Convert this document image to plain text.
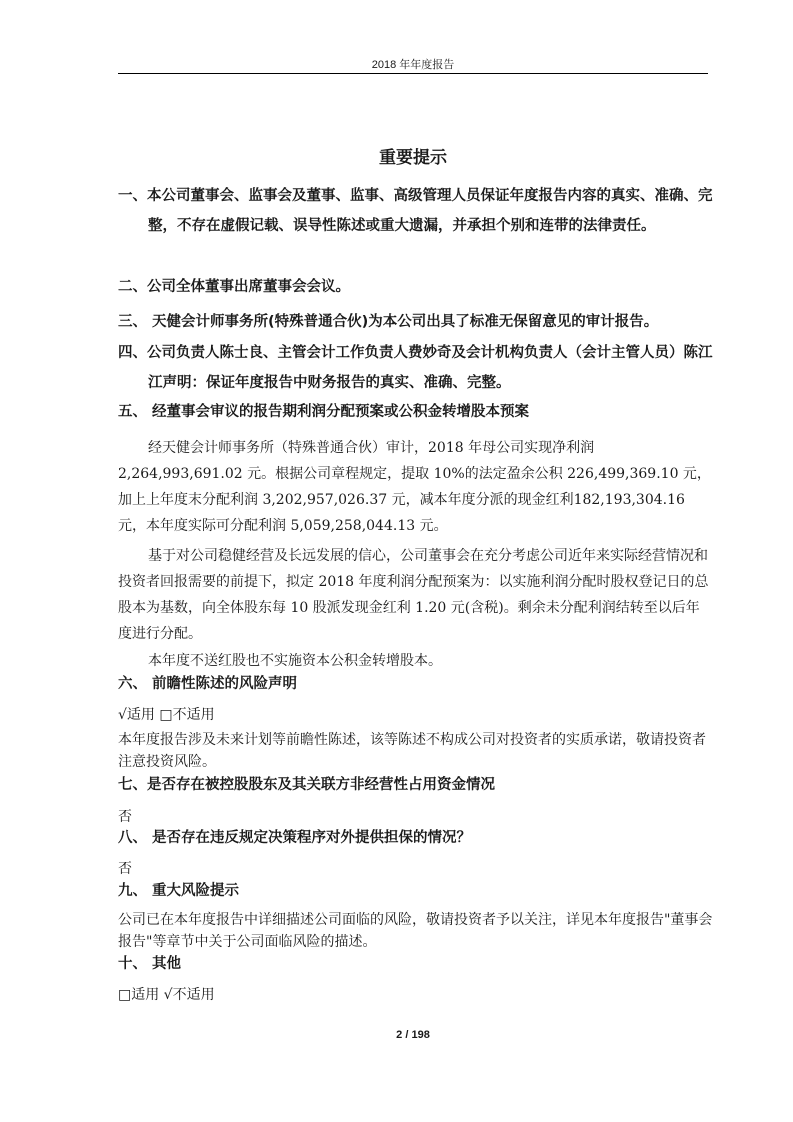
2018 年年度报告
重要提示
一、本公司董事会、监事会及董事、监事、高级管理人员保证年度报告内容的真实、准确、完整，不存在虚假记载、误导性陈述或重大遗漏，并承担个别和连带的法律责任。
二、公司全体董事出席董事会会议。
三、 天健会计师事务所(特殊普通合伙)为本公司出具了标准无保留意见的审计报告。
四、公司负责人陈士良、主管会计工作负责人费妙奇及会计机构负责人（会计主管人员）陈江江声明：保证年度报告中财务报告的真实、准确、完整。
五、 经董事会审议的报告期利润分配预案或公积金转增股本预案
经天健会计师事务所（特殊普通合伙）审计，2018 年母公司实现净利润2,264,993,691.02 元。根据公司章程规定，提取 10%的法定盈余公积 226,499,369.10 元，加上上年度末分配利润 3,202,957,026.37 元，减本年度分派的现金红利182,193,304.16 元，本年度实际可分配利润 5,059,258,044.13 元。
基于对公司稳健经营及长远发展的信心，公司董事会在充分考虑公司近年来实际经营情况和投资者回报需要的前提下，拟定 2018 年度利润分配预案为：以实施利润分配时股权登记日的总股本为基数，向全体股东每 10 股派发现金红利 1.20 元(含税)。剩余未分配利润结转至以后年度进行分配。
本年度不送红股也不实施资本公积金转增股本。
六、 前瞻性陈述的风险声明
√适用 □不适用
本年度报告涉及未来计划等前瞻性陈述，该等陈述不构成公司对投资者的实质承诺，敬请投资者注意投资风险。
七、是否存在被控股股东及其关联方非经营性占用资金情况
否
八、 是否存在违反规定决策程序对外提供担保的情况？
否
九、 重大风险提示
公司已在本年度报告中详细描述公司面临的风险，敬请投资者予以关注，详见本年度报告"董事会报告"等章节中关于公司面临风险的描述。
十、 其他
□适用 √不适用
2 / 198
